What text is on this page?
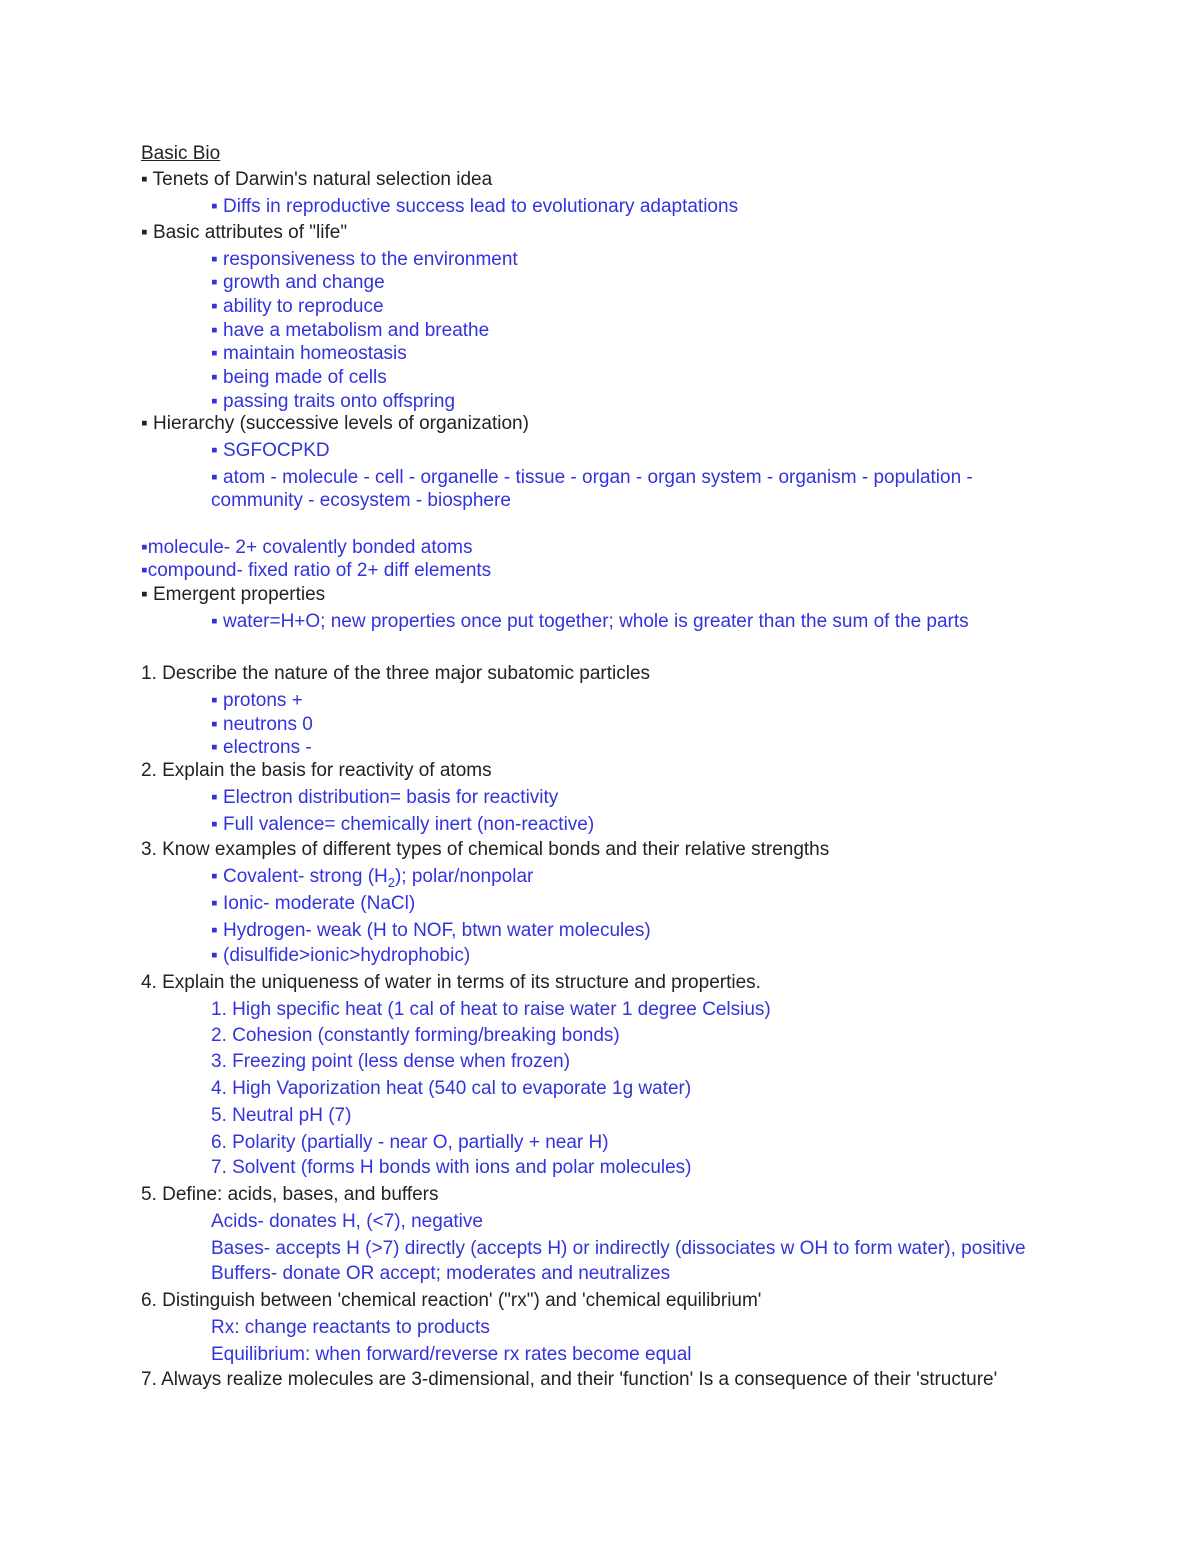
Basic Bio

▪ Tenets of Darwin's natural selection idea

▪ Diffs in reproductive success lead to evolutionary adaptations

▪ Basic attributes of "life"

▪ responsiveness to the environment

▪ growth and change

▪ ability to reproduce

▪ have a metabolism and breathe

▪ maintain homeostasis

▪ being made of cells

▪ passing traits onto offspring

▪ Hierarchy (successive levels of organization)

▪ SGFOCPKD

▪ atom - molecule - cell - organelle - tissue - organ - organ system - organism - population -

community - ecosystem - biosphere

▪molecule- 2+ covalently bonded atoms

▪compound- fixed ratio of 2+ diff elements

▪ Emergent properties

▪ water=H+O; new properties once put together; whole is greater than the sum of the parts

1. Describe the nature of the three major subatomic particles

▪ protons +

▪ neutrons 0

▪ electrons -

2. Explain the basis for reactivity of atoms

▪ Electron distribution= basis for reactivity

▪ Full valence= chemically inert (non-reactive)

3. Know examples of different types of chemical bonds and their relative strengths

▪ Covalent- strong $(H_2)$; polar/nonpolar

▪ Ionic- moderate (NaCl)

▪ Hydrogen- weak (H to NOF, btwn water molecules)

▪ (disulfide>ionic>hydrophobic)

4. Explain the uniqueness of water in terms of its structure and properties.

1. High specific heat (1 cal of heat to raise water 1 degree Celsius)

2. Cohesion (constantly forming/breaking bonds)

3. Freezing point (less dense when frozen)

4. High Vaporization heat (540 cal to evaporate 1g water)

5. Neutral pH (7)

6. Polarity (partially - near O, partially + near H)

7. Solvent (forms H bonds with ions and polar molecules)

5. Define: acids, bases, and buffers

Acids- donates H, (<7), negative

Bases- accepts H (>7) directly (accepts H) or indirectly (dissociates w OH to form water), positive

Buffers- donate OR accept; moderates and neutralizes

6. Distinguish between 'chemical reaction' ("rx") and 'chemical equilibrium'

Rx: change reactants to products

Equilibrium: when forward/reverse rx rates become equal

7. Always realize molecules are 3-dimensional, and their 'function' Is a consequence of their 'structure'
